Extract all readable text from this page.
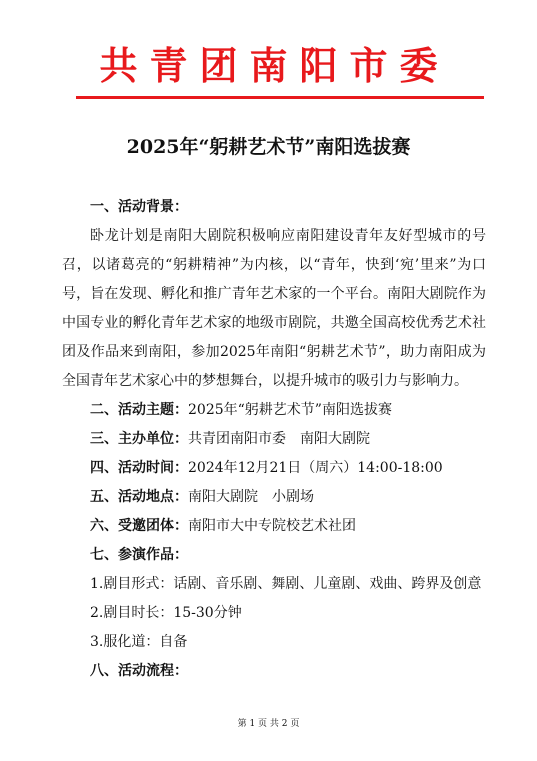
共青团南阳市委
2025年“躬耕艺术节”南阳选拔赛
一、活动背景：

卧龙计划是南阳大剧院积极响应南阳建设青年友好型城市的号召，以诸葛亮的“躬耕精神”为内核，以“青年，快到‘宛’里来”为口号，旨在发现、孵化和推广青年艺术家的一个平台。南阳大剧院作为中国专业的孵化青年艺术家的地级市剧院，共邀全国高校优秀艺术社团及作品来到南阳，参加2025年南阳“躬耕艺术节”，助力南阳成为全国青年艺术家心中的梦想舞台，以提升城市的吸引力与影响力。

二、活动主题：2025年“躬耕艺术节”南阳选拔赛
三、主办单位：共青团南阳市委　南阳大剧院
四、活动时间：2024年12月21日（周六）14:00-18:00
五、活动地点：南阳大剧院　小剧场
六、受邀团体：南阳市大中专院校艺术社团
七、参演作品：

1.剧目形式：话剧、音乐剧、舞剧、儿童剧、戏曲、跨界及创意

2.剧目时长：15-30分钟

3.服化道：自备

八、活动流程：
第 1 页 共 2 页
